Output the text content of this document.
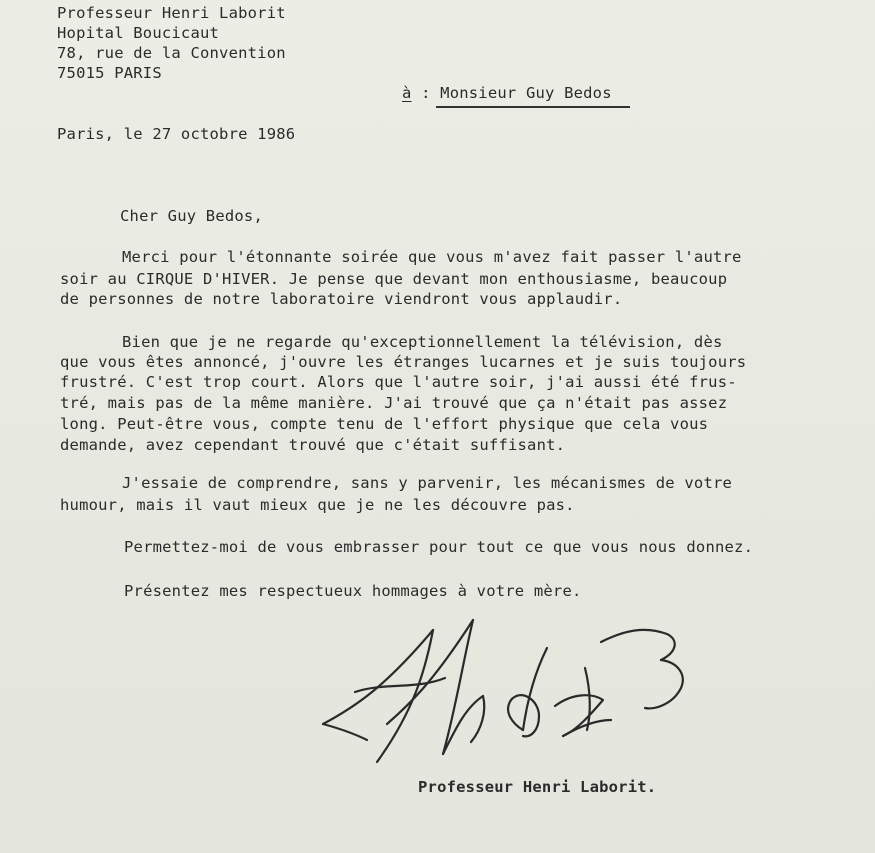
Professeur Henri Laborit
Hopital Boucicaut
78, rue de la Convention
75015 PARIS
à : Monsieur Guy Bedos
Paris, le 27 octobre 1986
Cher Guy Bedos,
Merci pour l'étonnante soirée que vous m'avez fait passer l'autre
soir au CIRQUE D'HIVER. Je pense que devant mon enthousiasme, beaucoup
de personnes de notre laboratoire viendront vous applaudir.
Bien que je ne regarde qu'exceptionnellement la télévision, dès
que vous êtes annoncé, j'ouvre les étranges lucarnes et je suis toujours
frustré. C'est trop court. Alors que l'autre soir, j'ai aussi été frus-
tré, mais pas de la même manière. J'ai trouvé que ça n'était pas assez
long. Peut-être vous, compte tenu de l'effort physique que cela vous
demande, avez cependant trouvé que c'était suffisant.
J'essaie de comprendre, sans y parvenir, les mécanismes de votre
humour, mais il vaut mieux que je ne les découvre pas.
Permettez-moi de vous embrasser pour tout ce que vous nous donnez.
Présentez mes respectueux hommages à votre mère.
Professeur Henri Laborit.
